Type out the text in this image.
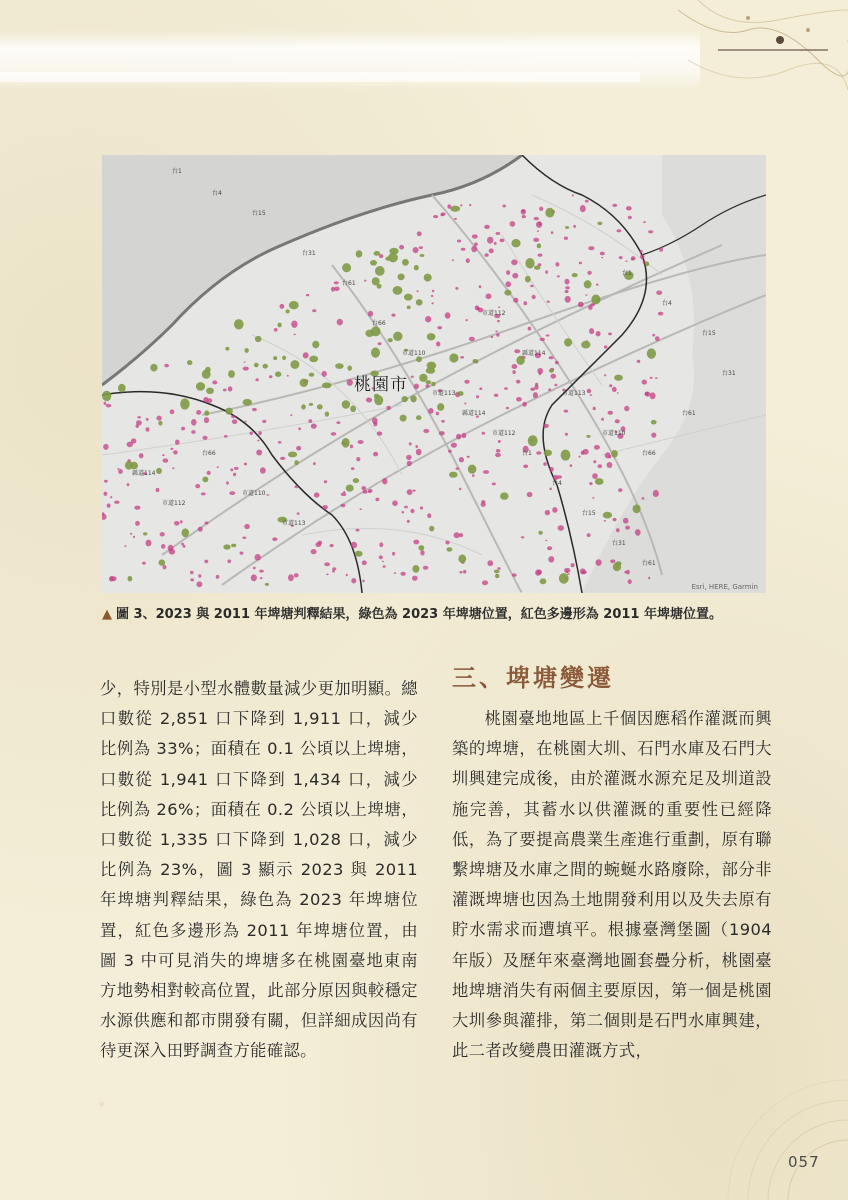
台1
台4
台15
台31
台61
台66
市道110
市道113
縣道114
市道112
台1
台4
台15
台31
台61
台66
市道110
市道113
縣道114
市道112
台1
台4
台15
台31
台61
台66
市道110
市道113
縣道114
市道112
桃園市
Esri, HERE, Garmin
▲ 圖 3、2023 與 2011 年埤塘判釋結果，綠色為 2023 年埤塘位置，紅色多邊形為 2011 年埤塘位置。
少，特別是小型水體數量減少更加明顯。總口數從 2,851 口下降到 1,911 口，減少比例為 33%；面積在 0.1 公頃以上埤塘，口數從 1,941 口下降到 1,434 口，減少比例為 26%；面積在 0.2 公頃以上埤塘，口數從 1,335 口下降到 1,028 口，減少比例為 23%，圖 3 顯示 2023 與 2011 年埤塘判釋結果，綠色為 2023 年埤塘位置，紅色多邊形為 2011 年埤塘位置，由圖 3 中可見消失的埤塘多在桃園臺地東南方地勢相對較高位置，此部分原因與較穩定水源供應和都市開發有關，但詳細成因尚有待更深入田野調查方能確認。
三、埤塘變遷
桃園臺地地區上千個因應稻作灌溉而興築的埤塘，在桃園大圳、石門水庫及石門大圳興建完成後，由於灌溉水源充足及圳道設施完善，其蓄水以供灌溉的重要性已經降低，為了要提高農業生產進行重劃，原有聯繫埤塘及水庫之間的蜿蜒水路廢除，部分非灌溉埤塘也因為土地開發利用以及失去原有貯水需求而遭填平。根據臺灣堡圖（1904 年版）及歷年來臺灣地圖套疊分析，桃園臺地埤塘消失有兩個主要原因，第一個是桃園大圳參與灌排，第二個則是石門水庫興建，此二者改變農田灌溉方式，
057
